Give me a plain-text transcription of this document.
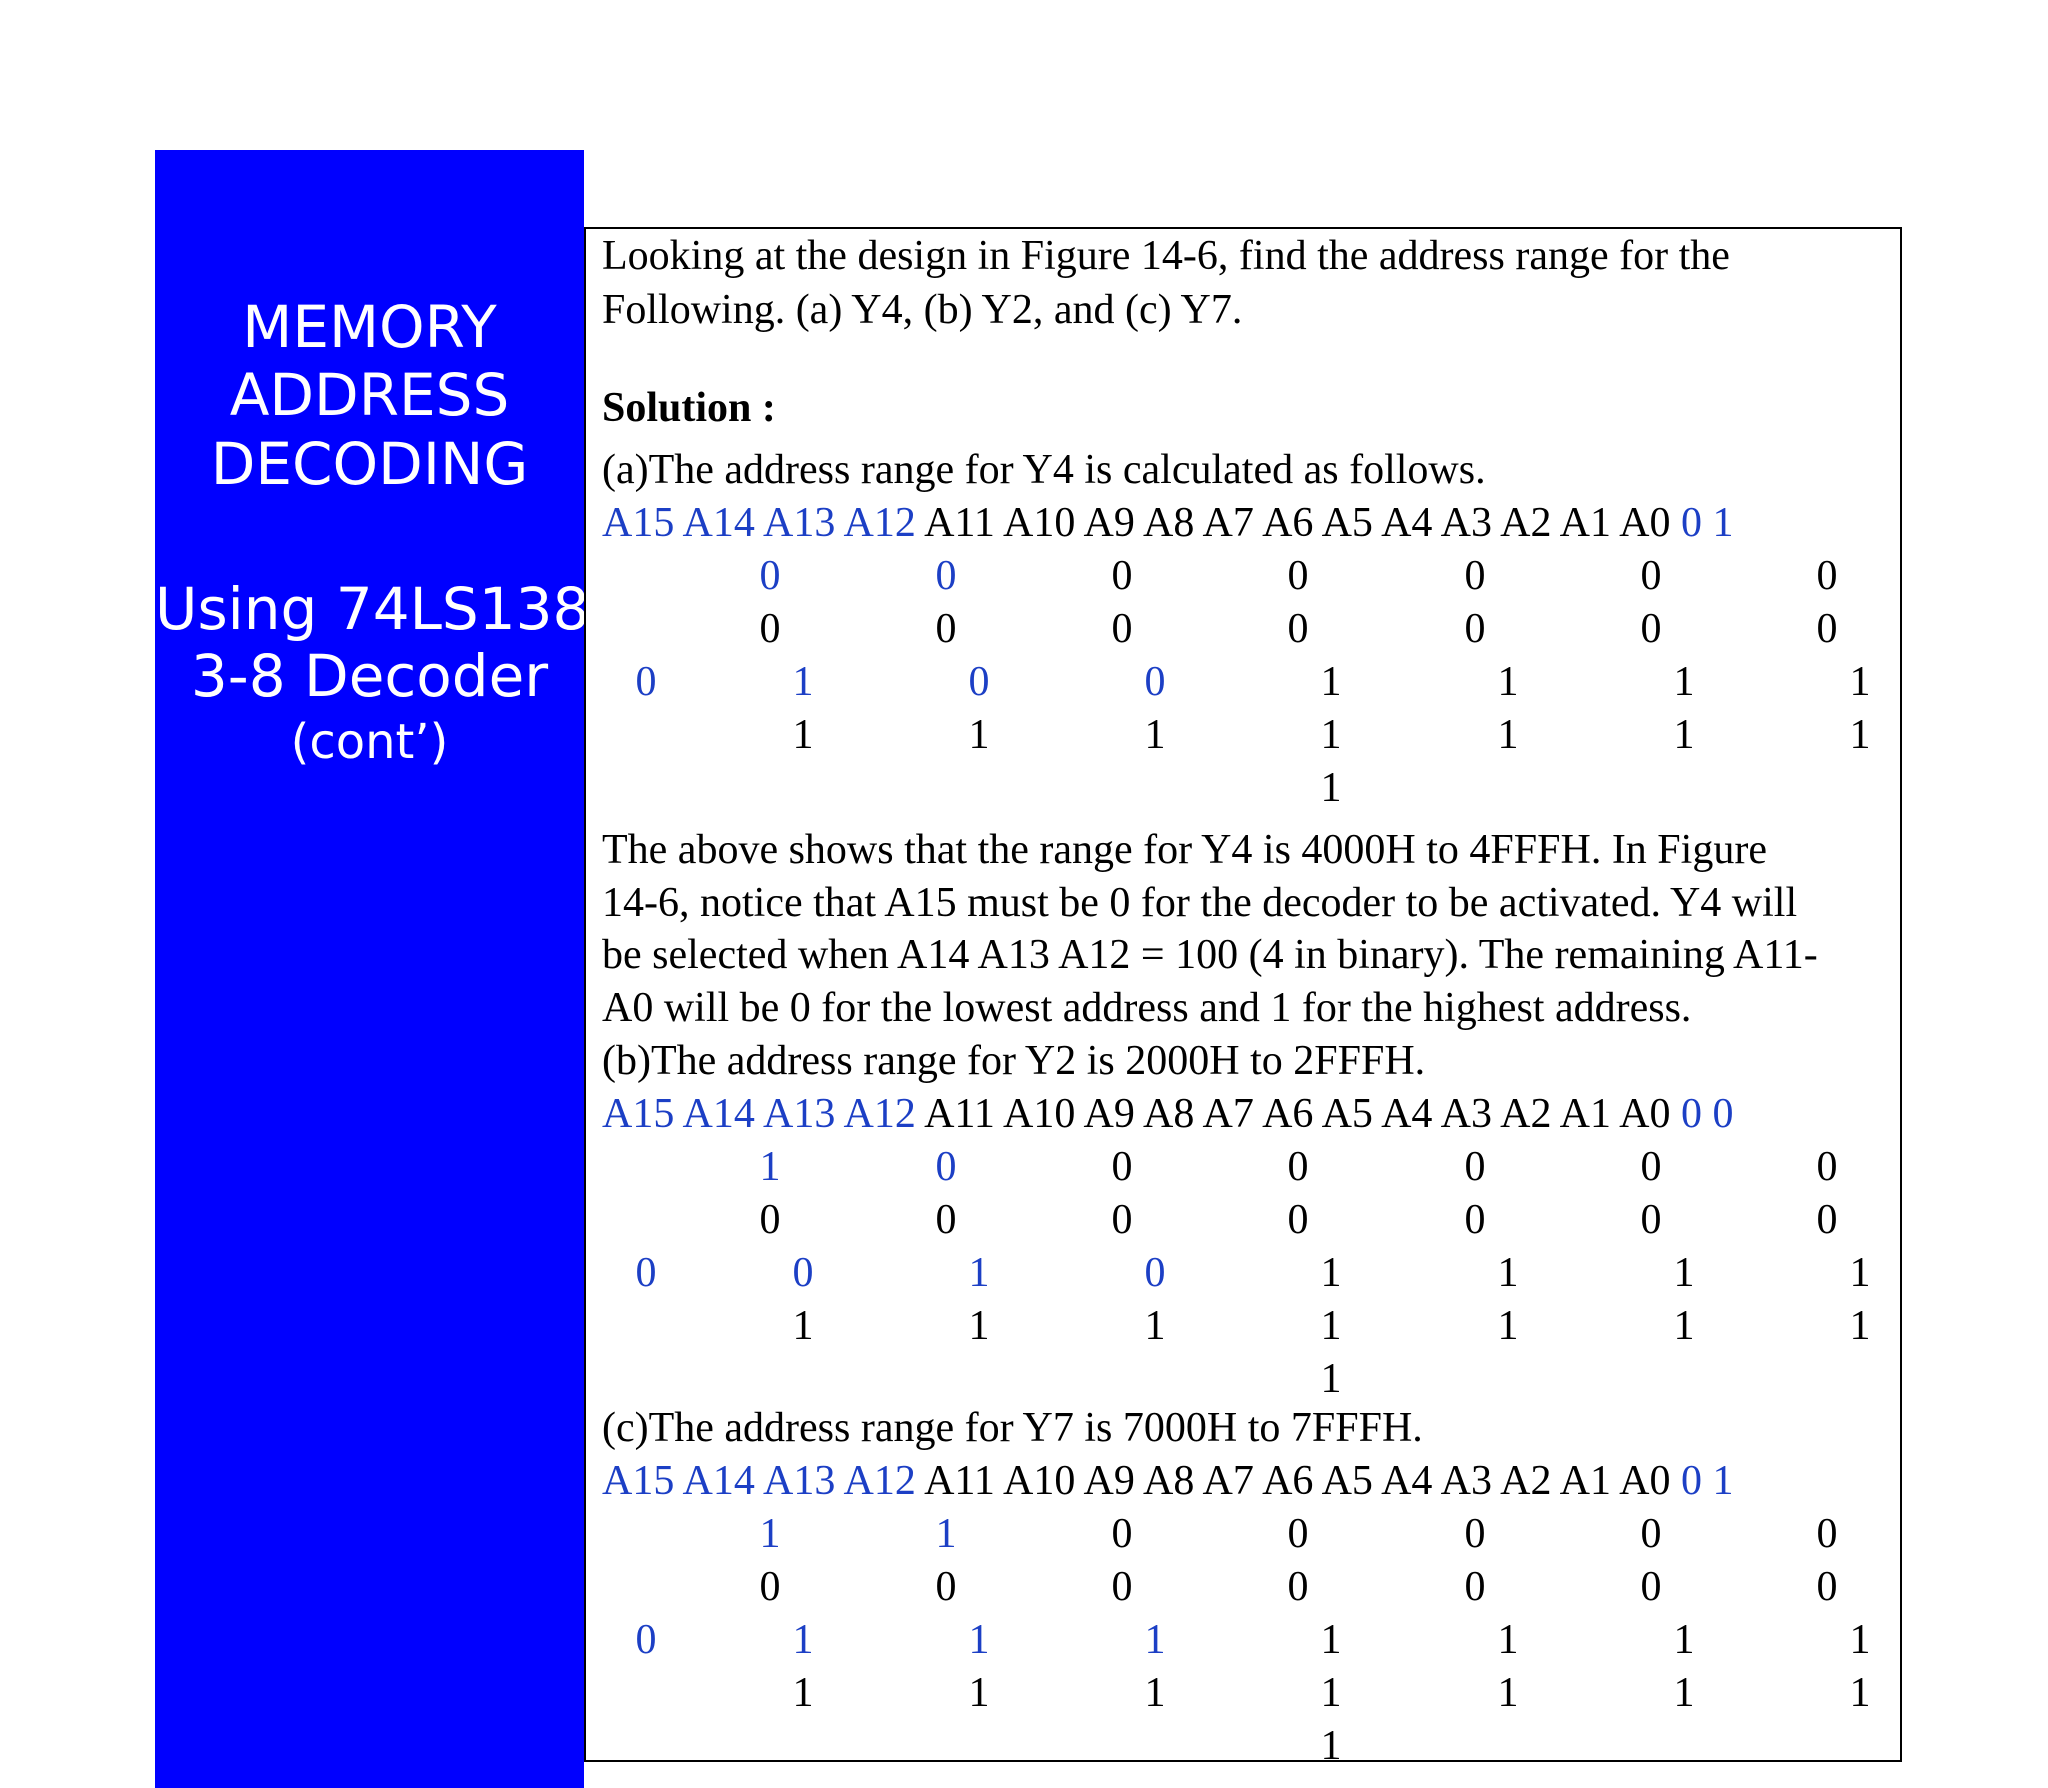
MEMORY
ADDRESS
DECODING
Using 74LS138
3-8 Decoder
(cont’)
Looking at the design in Figure 14-6, find the address range for the
Following. (a) Y4, (b) Y2, and (c) Y7.
Solution :
(a)The address range for Y4 is calculated as follows.
A15 A14 A13 A12 A11 A10 A9 A8 A7 A6 A5 A4 A3 A2 A1 A0 0 1
The above shows that the range for Y4 is 4000H to 4FFFH. In Figure
14-6, notice that A15 must be 0 for the decoder to be activated. Y4 will
be selected when A14 A13 A12 = 100 (4 in binary). The remaining A11-
A0 will be 0 for the lowest address and 1 for the highest address.
(b)The address range for Y2 is 2000H to 2FFFH.
A15 A14 A13 A12 A11 A10 A9 A8 A7 A6 A5 A4 A3 A2 A1 A0 0 0
(c)The address range for Y7 is 7000H to 7FFFH.
A15 A14 A13 A12 A11 A10 A9 A8 A7 A6 A5 A4 A3 A2 A1 A0 0 1
0	0	0	0	0	0	0
0	0	0	0	0	0	0
0	1	0	0	1	1	1	1
1	1	1	1	1	1	1
1
1	0	0	0	0	0	0
0	0	0	0	0	0	0
0	0	1	0	1	1	1	1
1	1	1	1	1	1	1
1
1	1	0	0	0	0	0
0	0	0	0	0	0	0
0	1	1	1	1	1	1	1
1	1	1	1	1	1	1
1
